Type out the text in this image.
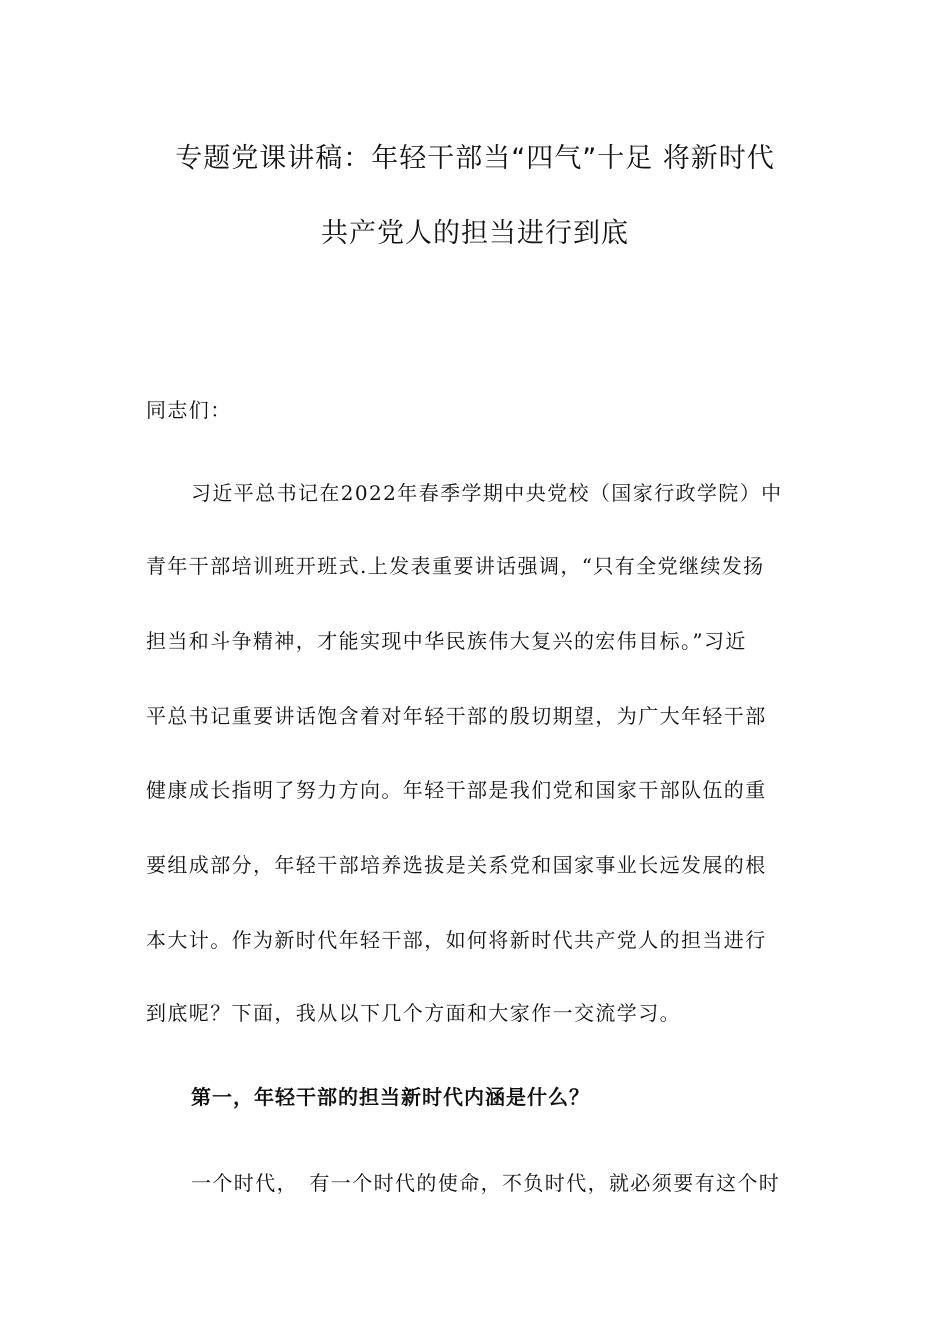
专题党课讲稿：年轻干部当“四气”十足 将新时代
共产党人的担当进行到底
同志们：
习近平总书记在2022年春季学期中央党校（国家行政学院）中
青年干部培训班开班式.上发表重要讲话强调，“只有全党继续发扬
担当和斗争精神，才能实现中华民族伟大复兴的宏伟目标。”习近
平总书记重要讲话饱含着对年轻干部的殷切期望，为广大年轻干部
健康成长指明了努力方向。年轻干部是我们党和国家干部队伍的重
要组成部分，年轻干部培养选拔是关系党和国家事业长远发展的根
本大计。作为新时代年轻干部，如何将新时代共产党人的担当进行
到底呢？下面，我从以下几个方面和大家作一交流学习。
第一，年轻干部的担当新时代内涵是什么？
一个时代，　有一个时代的使命，不负时代，就必须要有这个时
